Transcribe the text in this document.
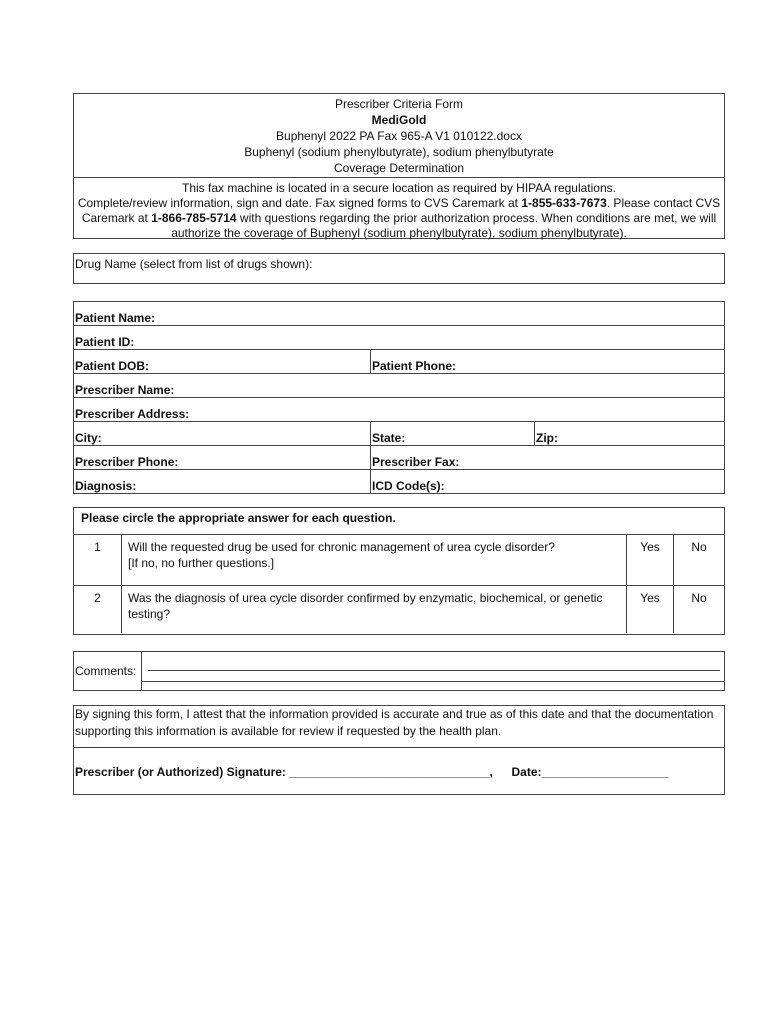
Prescriber Criteria Form
MediGold
Buphenyl 2022 PA Fax 965-A V1 010122.docx
Buphenyl (sodium phenylbutyrate), sodium phenylbutyrate
Coverage Determination
This fax machine is located in a secure location as required by HIPAA regulations.
Complete/review information, sign and date. Fax signed forms to CVS Caremark at 1-855-633-7673. Please contact CVS Caremark at 1-866-785-5714 with questions regarding the prior authorization process. When conditions are met, we will authorize the coverage of Buphenyl (sodium phenylbutyrate), sodium phenylbutyrate).
Drug Name (select from list of drugs shown):
Patient Name:		
Patient ID:		
Patient DOB:	Patient Phone:	
Prescriber Name:		
Prescriber Address:		
City:	State:	Zip:
Prescriber Phone:	Prescriber Fax:	
Diagnosis:	ICD Code(s):	
Please circle the appropriate answer for each question.
1	Will the requested drug be used for chronic management of urea cycle disorder?
[If no, no further questions.]	Yes	No
2	Was the diagnosis of urea cycle disorder confirmed by enzymatic, biochemical, or genetic testing?	Yes	No
Comments:
By signing this form, I attest that the information provided is accurate and true as of this date and that the documentation supporting this information is available for review if requested by the health plan.
Prescriber (or Authorized) Signature: ______________________________, Date:___________________
